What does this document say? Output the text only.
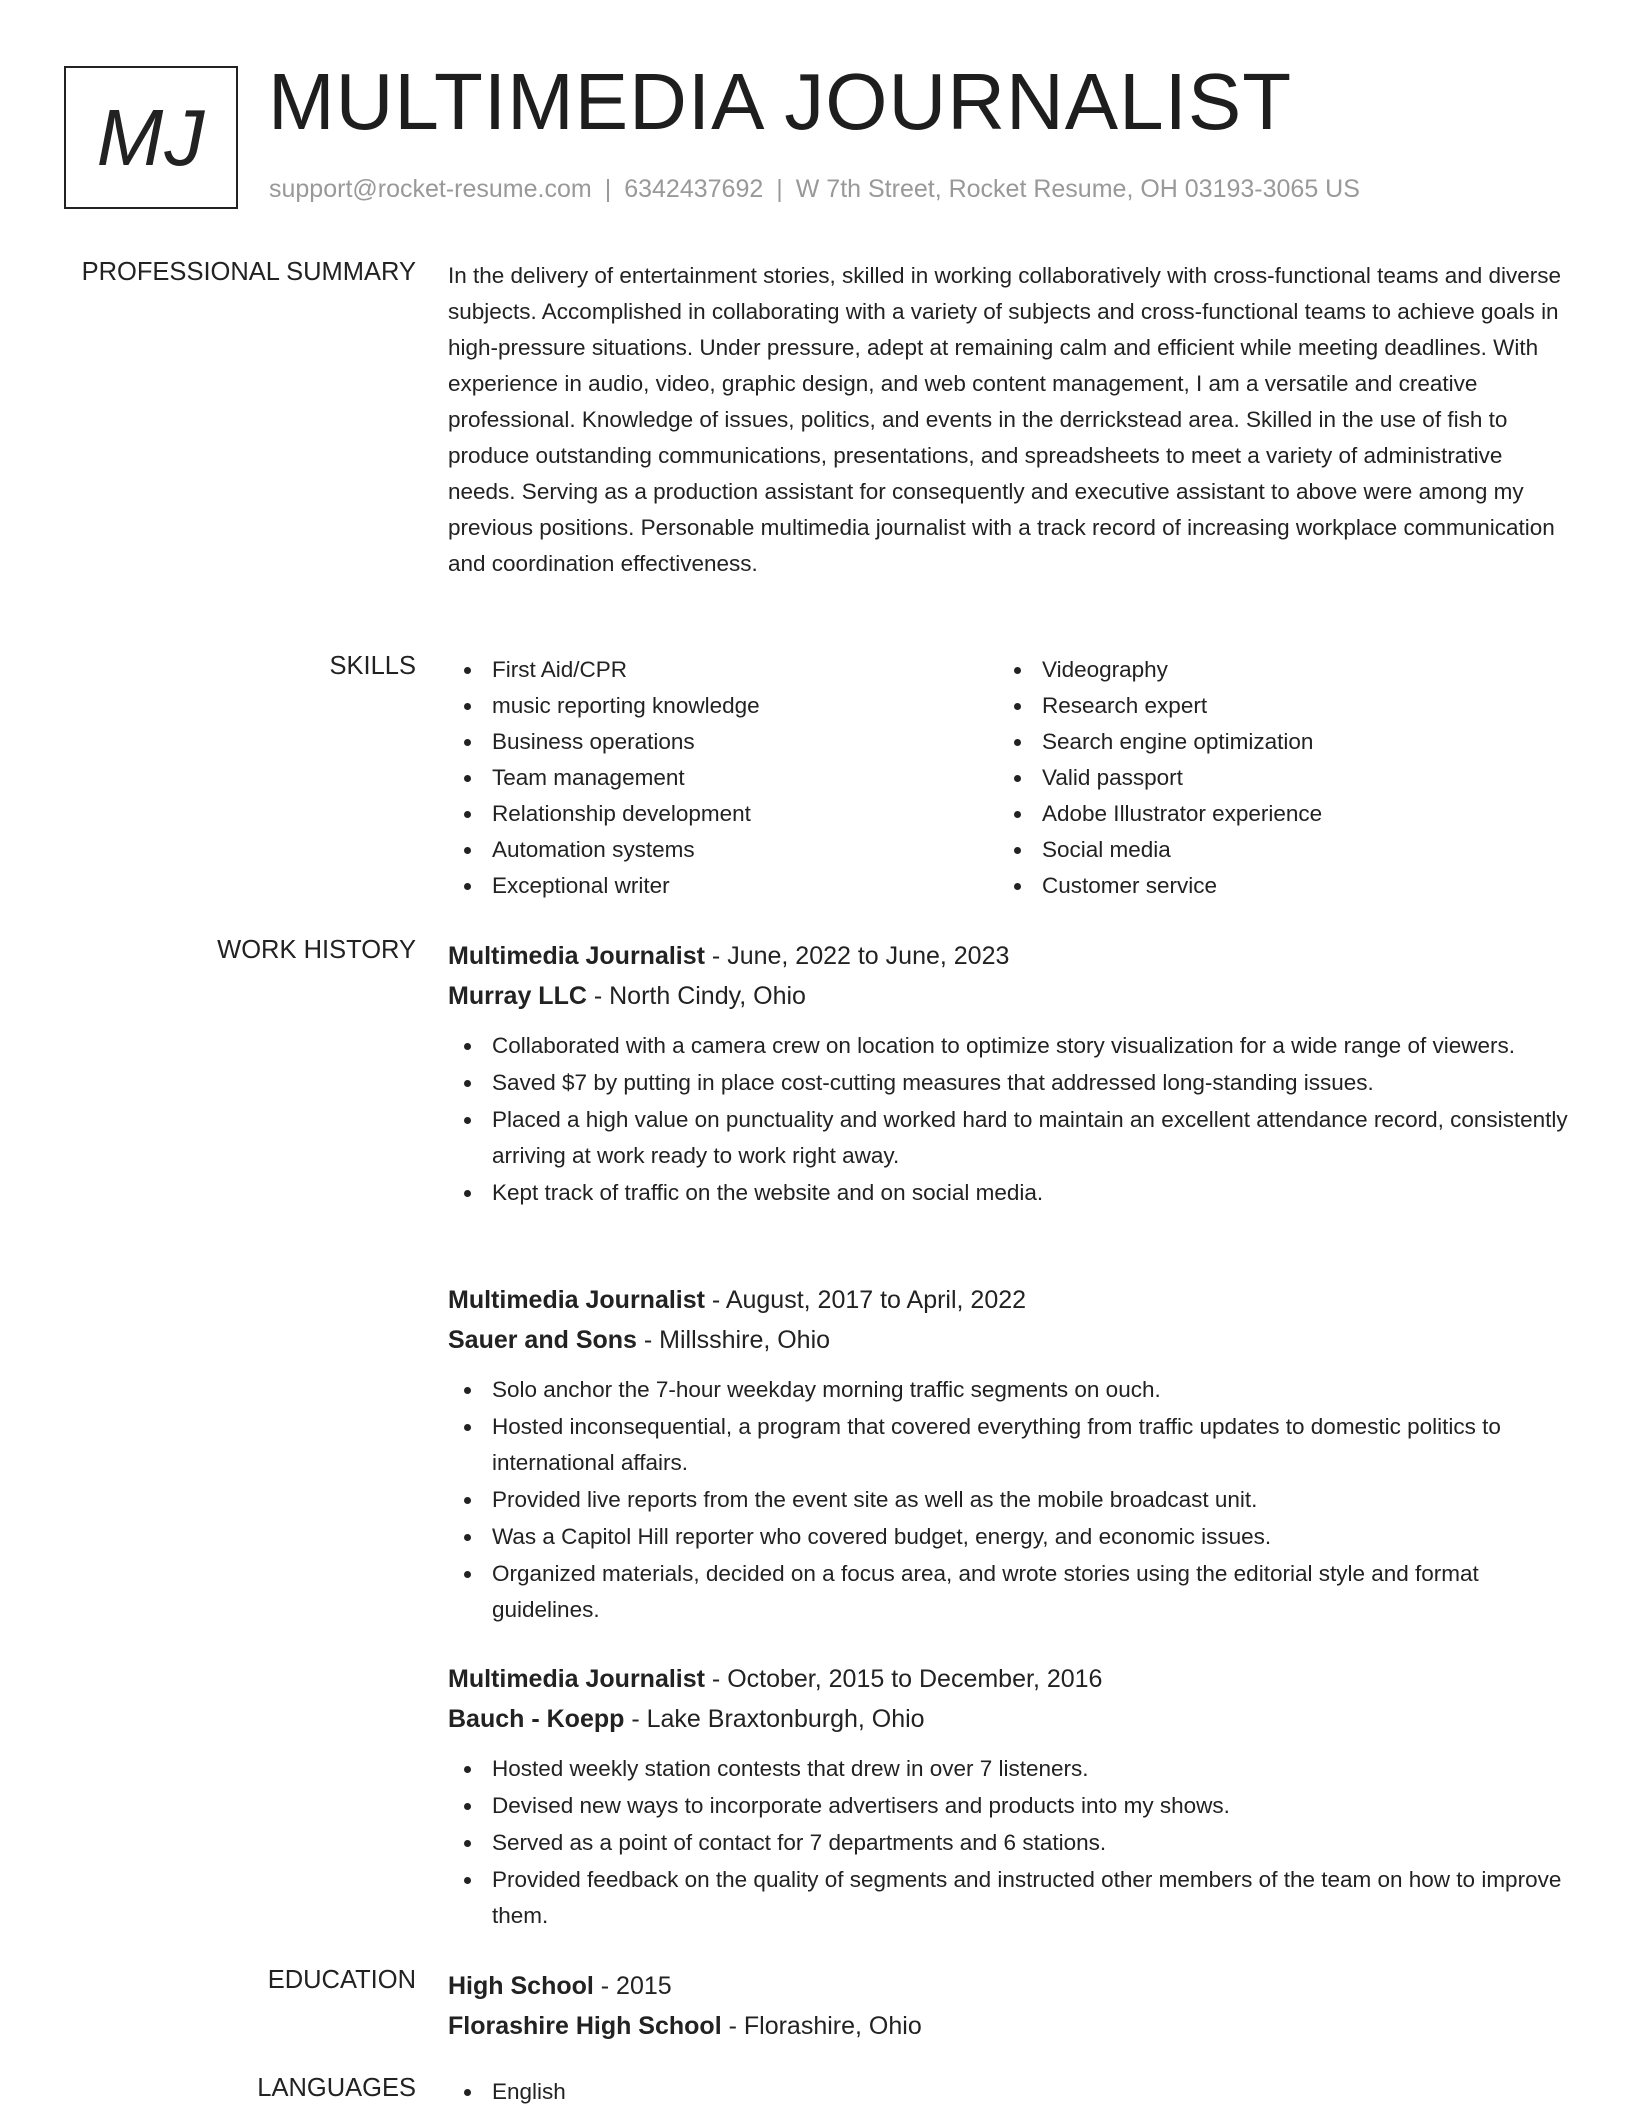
MJ MULTIMEDIA JOURNALIST
support@rocket-resume.com | 6342437692 | W 7th Street, Rocket Resume, OH 03193-3065 US
PROFESSIONAL SUMMARY In the delivery of entertainment stories, skilled in working collaboratively with cross-functional teams and diverse subjects. Accomplished in collaborating with a variety of subjects and cross-functional teams to achieve goals in high-pressure situations. Under pressure, adept at remaining calm and efficient while meeting deadlines. With experience in audio, video, graphic design, and web content management, I am a versatile and creative professional. Knowledge of issues, politics, and events in the derrickstead area. Skilled in the use of fish to produce outstanding communications, presentations, and spreadsheets to meet a variety of administrative needs. Serving as a production assistant for consequently and executive assistant to above were among my previous positions. Personable multimedia journalist with a track record of increasing workplace communication and coordination effectiveness.
SKILLS	First Aid/CPR
music reporting knowledge
Business operations
Team management
Relationship development
Automation systems
Exceptional writer
Videography
Research expert
Search engine optimization
Valid passport
Adobe Illustrator experience
Social media
Customer service
WORK HISTORY Multimedia Journalist - June, 2022 to June, 2023
Murray LLC - North Cindy, Ohio
Collaborated with a camera crew on location to optimize story visualization for a wide range of viewers.
Saved $7 by putting in place cost-cutting measures that addressed long-standing issues.
Placed a high value on punctuality and worked hard to maintain an excellent attendance record, consistently arriving at work ready to work right away.
Kept track of traffic on the website and on social media.
Multimedia Journalist - August, 2017 to April, 2022
Sauer and Sons - Millsshire, Ohio
Solo anchor the 7-hour weekday morning traffic segments on ouch.
Hosted inconsequential, a program that covered everything from traffic updates to domestic politics to international affairs.
Provided live reports from the event site as well as the mobile broadcast unit.
Was a Capitol Hill reporter who covered budget, energy, and economic issues.
Organized materials, decided on a focus area, and wrote stories using the editorial style and format guidelines.
Multimedia Journalist - October, 2015 to December, 2016
Bauch - Koepp - Lake Braxtonburgh, Ohio
Hosted weekly station contests that drew in over 7 listeners.
Devised new ways to incorporate advertisers and products into my shows.
Served as a point of contact for 7 departments and 6 stations.
Provided feedback on the quality of segments and instructed other members of the team on how to improve them.
EDUCATION High School - 2015
Florashire High School - Florashire, Ohio
LANGUAGES	English
